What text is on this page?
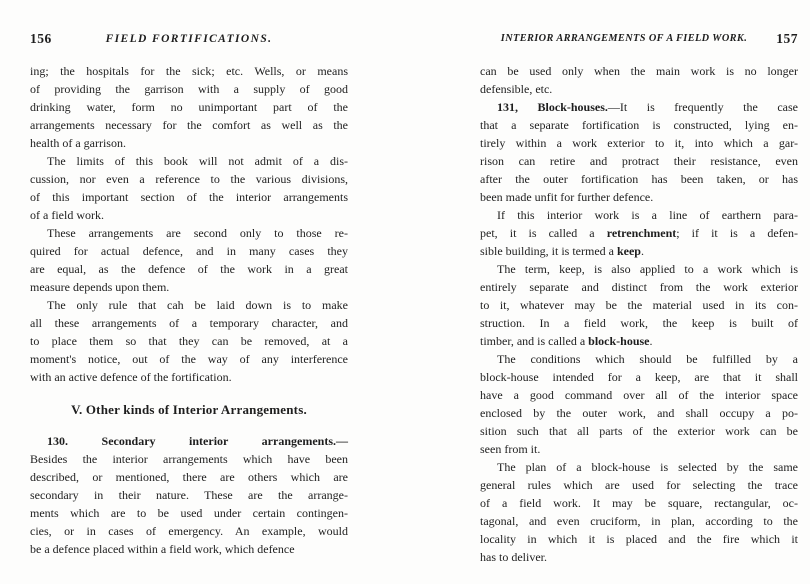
156	FIELD FORTIFICATIONS.
ing; the hospitals for the sick; etc. Wells, or means
of providing the garrison with a supply of good
drinking water, form no unimportant part of the
arrangements necessary for the comfort as well as the
health of a garrison.
The limits of this book will not admit of a dis-
cussion, nor even a reference to the various divisions,
of this important section of the interior arrangements
of a field work.
These arrangements are second only to those re-
quired for actual defence, and in many cases they
are equal, as the defence of the work in a great
measure depends upon them.
The only rule that cah be laid down is to make
all these arrangements of a temporary character, and
to place them so that they can be removed, at a
moment's notice, out of the way of any interference
with an active defence of the fortification.
V. Other kinds of Interior Arrangements.
130. Secondary interior arrangements.—
Besides the interior arrangements which have been
described, or mentioned, there are others which are
secondary in their nature. These are the arrange-
ments which are to be used under certain contingen-
cies, or in cases of emergency. An example, would
be a defence placed within a field work, which defence
INTERIOR ARRANGEMENTS OF A FIELD WORK.	157
can be used only when the main work is no longer
defensible, etc.
131, Block-houses.—It is frequently the case
that a separate fortification is constructed, lying en-
tirely within a work exterior to it, into which a gar-
rison can retire and protract their resistance, even
after the outer fortification has been taken, or has
been made unfit for further defence.
If this interior work is a line of earthern para-
pet, it is called a retrenchment; if it is a defen-
sible building, it is termed a keep.
The term, keep, is also applied to a work which is
entirely separate and distinct from the work exterior
to it, whatever may be the material used in its con-
struction. In a field work, the keep is built of
timber, and is called a block-house.
The conditions which should be fulfilled by a
block-house intended for a keep, are that it shall
have a good command over all of the interior space
enclosed by the outer work, and shall occupy a po-
sition such that all parts of the exterior work can be
seen from it.
The plan of a block-house is selected by the same
general rules which are used for selecting the trace
of a field work. It may be square, rectangular, oc-
tagonal, and even cruciform, in plan, according to the
locality in which it is placed and the fire which it
has to deliver.
